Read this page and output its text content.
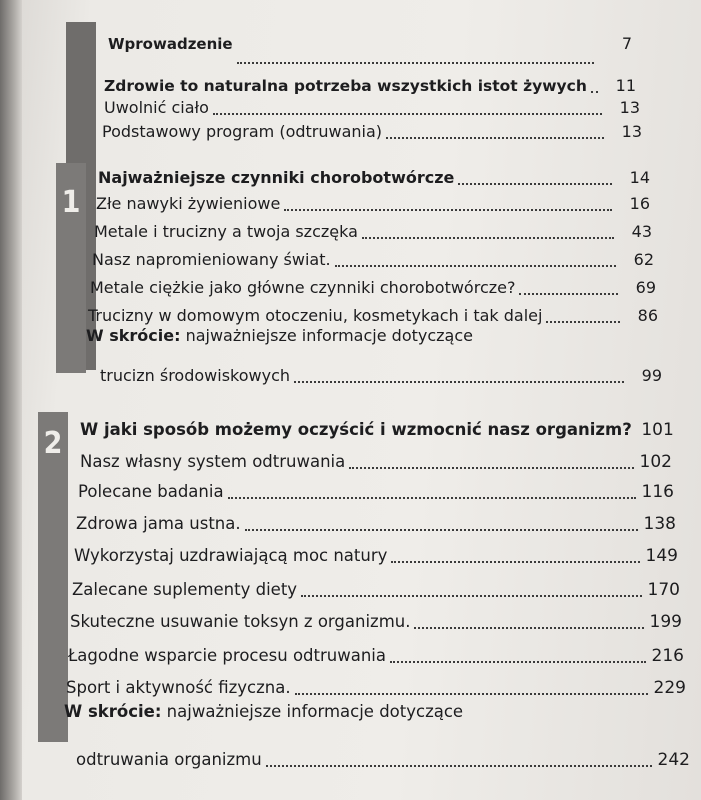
1
2
Wprowadzenie	7
Zdrowie to naturalna potrzeba wszystkich istot żywych	11
Uwolnić ciało	13
Podstawowy program (odtruwania)	13
Najważniejsze czynniki chorobotwórcze	14
Złe nawyki żywieniowe	16
Metale i trucizny a twoja szczęka	43
Nasz napromieniowany świat.	62
Metale ciężkie jako główne czynniki chorobotwórcze?	69
Trucizny w domowym otoczeniu, kosmetykach i tak dalej	86
W skrócie: najważniejsze informacje dotyczące
trucizn środowiskowych	99
W jaki sposób możemy oczyścić i wzmocnić nasz organizm? 101
Nasz własny system odtruwania	102
Polecane badania	116
Zdrowa jama ustna.	138
Wykorzystaj uzdrawiającą moc natury	149
Zalecane suplementy diety	170
Skuteczne usuwanie toksyn z organizmu.	199
Łagodne wsparcie procesu odtruwania	216
Sport i aktywność fizyczna.	229
W skrócie: najważniejsze informacje dotyczące
odtruwania organizmu	242
